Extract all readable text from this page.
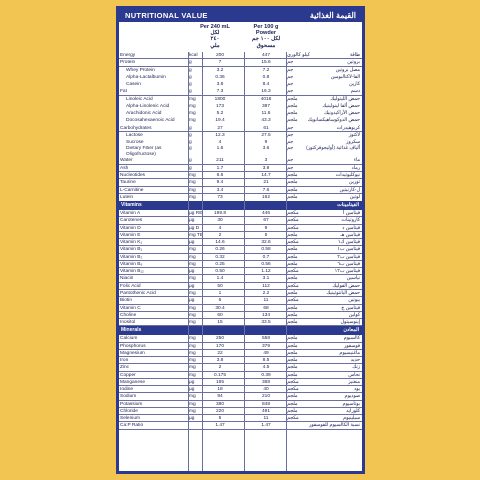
NUTRITIONAL VALUE	القيمة الغذائية
Per 240 mL
لكل
٢٤٠
ملي
Per 100 g
Powder
لكل ١٠٠ جم
مسحوق
Energy	kcal	200	447	كيلو كالوري	طاقة
Protein	g	7	15.6	جم	بروتين
Whey Protein	g	3.2	7.2	جم	مصل بروتين
Alpha-Lactalbumin	g	0.36	0.8	جم	الفا-لاكتالبومين
Casein	g	3.8	8.4	جم	كازين
Fat	g	7.3	16.3	جم	دسم
Linoleic Acid	mg	1800	4018	ملجم	حمض اللينوليك
Alpha-Linolenic Acid	mg	173	387	ملجم	حمض ألفا لينولينيك
Arachidonic Acid	mg	5.2	11.6	ملجم	حمض الأراكيدونيك
Docosahexaenoic Acid	mg	19.4	43.3	ملجم	حمض الدوكوساهيكسانويك
Carbohydrates	g	27	61	جم	كربوهيدرات
Lactose	g	12.3	27.5	جم	لاكتوز
Sucrose	g	4	9	جم	سكروز
Dietary Fiber (as Oligofructose)
g	1.6	3.6	جم	ألياف غذائية (أوليجوفركتوز)
Water	g	211	3	جم	ماء
Ash	g	1.7	3.9	جم	رماد
Nucleotides	mg	6.6	14.7	ملجم	نيوكليوتيدات
Taurine	mg	9.4	21	ملجم	تورين
L-Carnitine	mg	3.4	7.6	ملجم	ل-كارنيتين
Lutein	mg	73	162	ملجم	لوتين
Vitamins	الفيتامينات
Vitamin A	µg RE	199.8	446	مكجم	فيتامين أ
Carotenes	µg	30	67	مكجم	كاروتينات
Vitamin D	µg D	4	9	مكجم	فيتامين د
Vitamin E	mg TE	2	5	ملجم	فيتامين هـ
Vitamin K₁	µg	14.6	32.6	مكجم	فيتامين ك١
Vitamin B₁	mg	0.26	0.58	ملجم	فيتامين ب١
Vitamin B₂	mg	0.32	0.7	ملجم	فيتامين ب٢
Vitamin B₆	mg	0.25	0.56	ملجم	فيتامين ب٦
Vitamin B₁₂	µg	0.50	1.12	مكجم	فيتامين ب١٢
Niacin	mg	1.4	3.1	ملجم	نياسين
Folic Acid	µg	50	112	مكجم	حمض الفوليك
Pantothenic Acid	mg	1	2.2	ملجم	حمض البانتوثينيك
Biotin	µg	5	11	مكجم	بيوتين
Vitamin C	mg	30.4	68	ملجم	فيتامين ج
Choline	mg	60	134	ملجم	كولين
Inositol	mg	15	33.5	ملجم	إينوسيتول
Minerals	المعادن
Calcium	mg	250	558	ملجم	كالسيوم
Phosphorus	mg	170	379	ملجم	فوسفور
Magnesium	mg	22	49	ملجم	ماغنيسيوم
Iron	mg	3.8	8.5	ملجم	حديد
Zinc	mg	2	4.5	ملجم	زنك
Copper	mg	0.175	0.39	ملجم	نحاس
Manganese	µg	165	368	مكجم	منغنيز
Iodine	µg	18	40	مكجم	يود
Sodium	mg	94	210	ملجم	صوديوم
Potassium	mg	380	848	ملجم	بوتاسيوم
Chloride	mg	220	491	ملجم	كلورايد
Selenium	µg	5	11	مكجم	سيلينيوم
Ca:P Ratio	1.47	1.47	نسبة الكالسيوم للفوسفور
